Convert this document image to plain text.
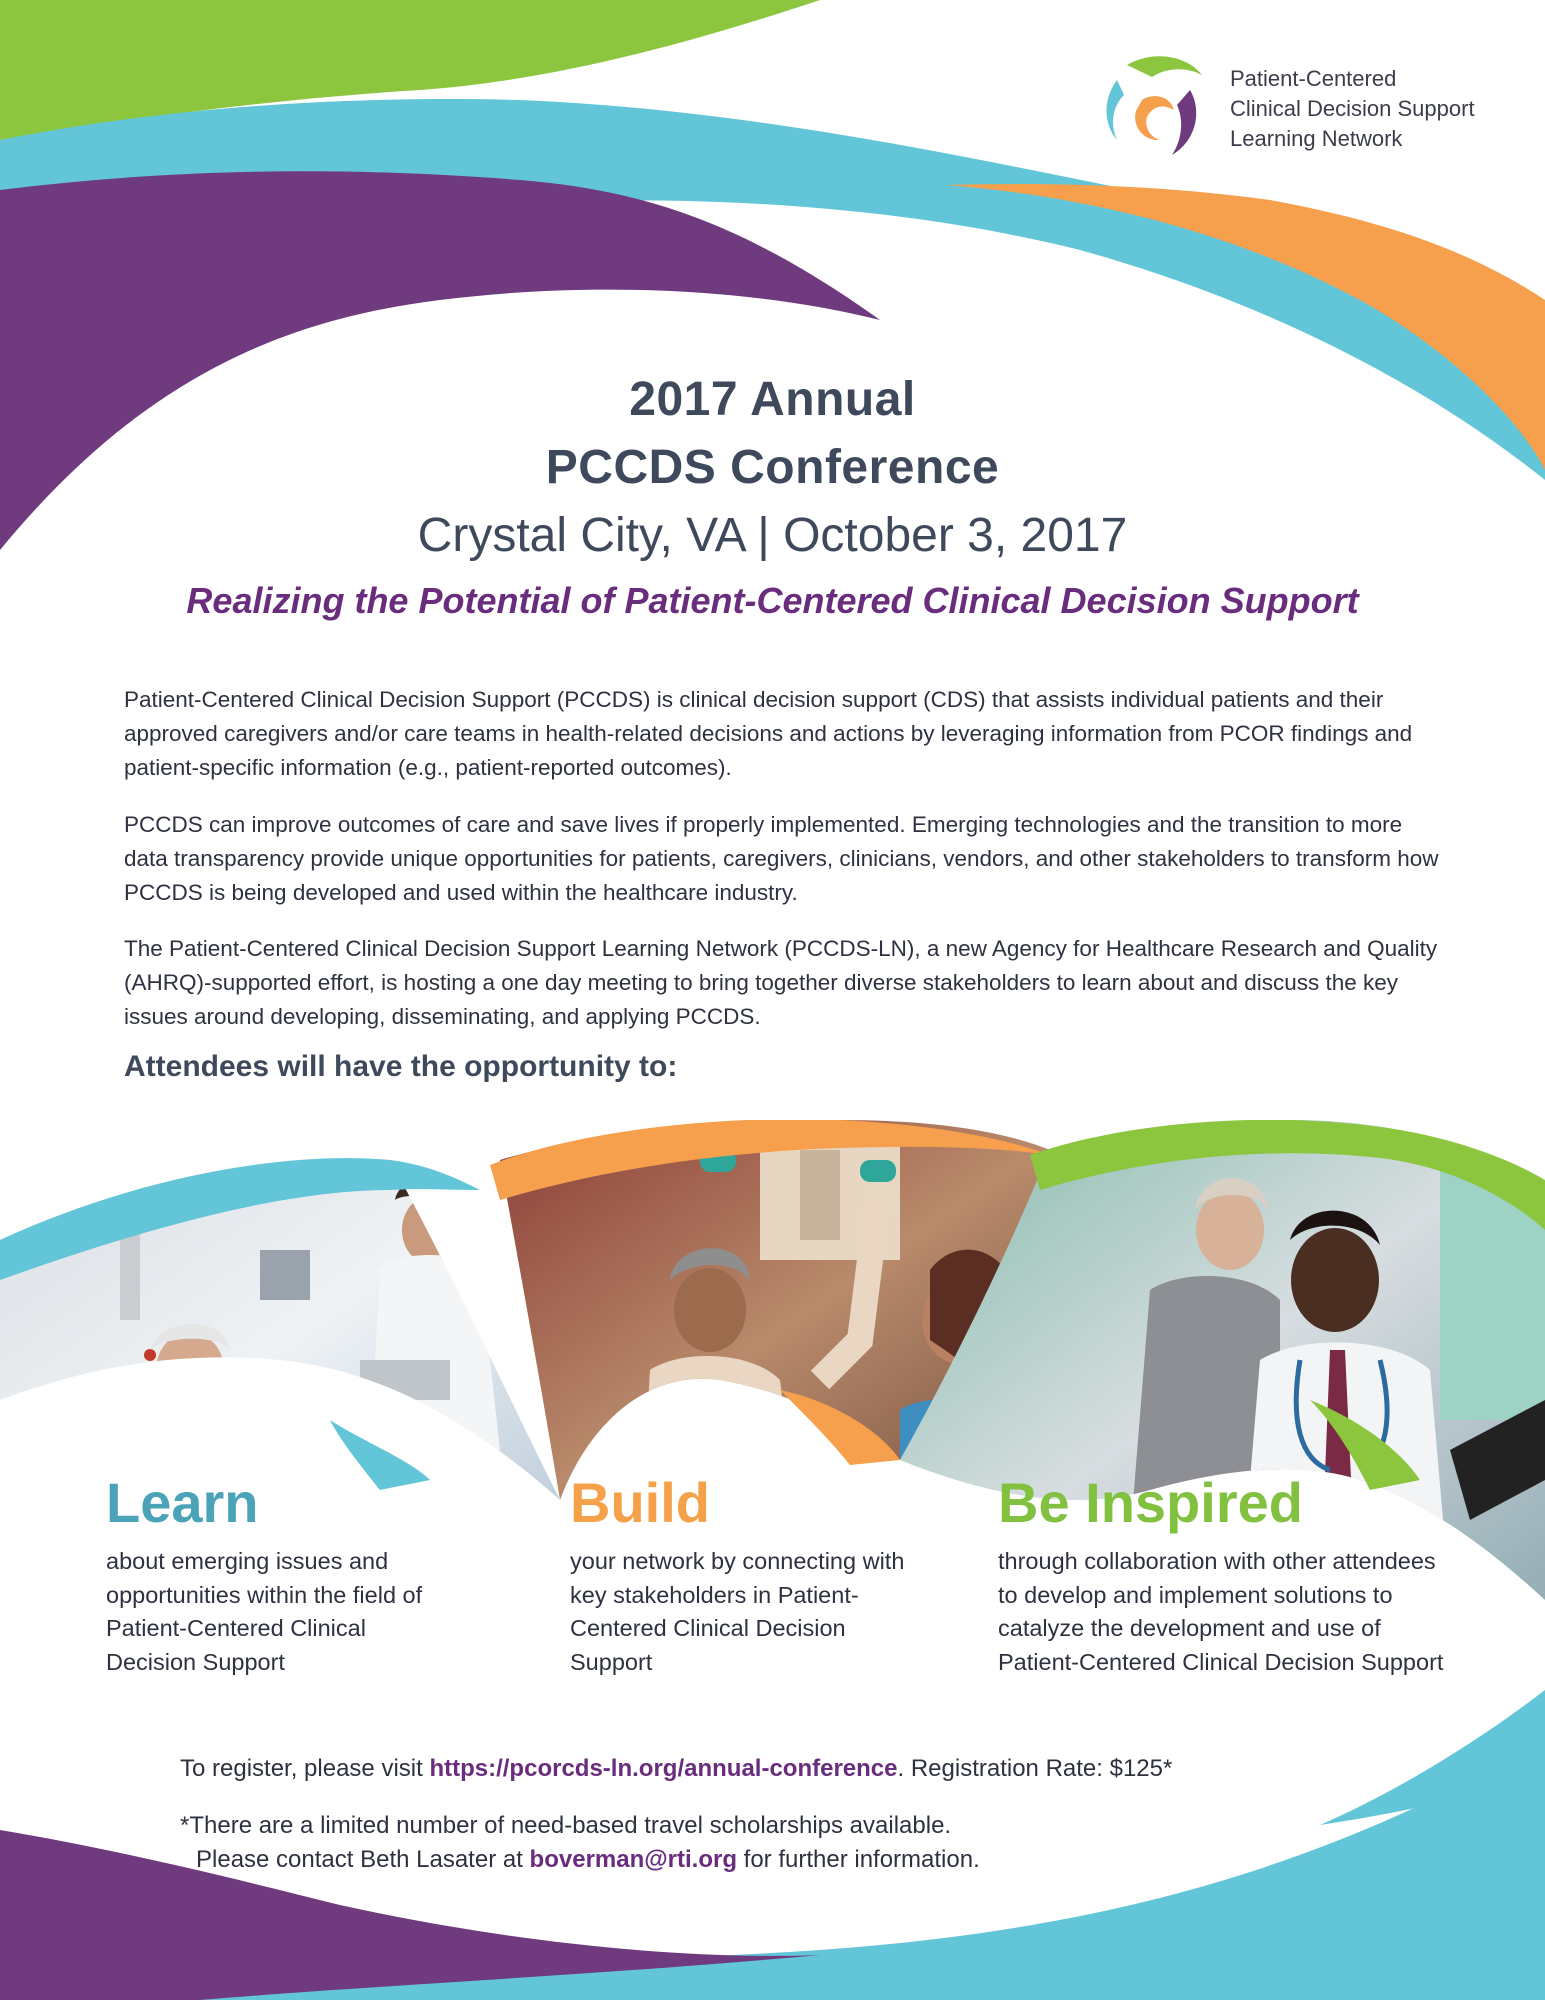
Patient-Centered
Clinical Decision Support
Learning Network
2017 Annual
PCCDS Conference
Crystal City, VA | October 3, 2017
Realizing the Potential of Patient-Centered Clinical Decision Support
Patient-Centered Clinical Decision Support (PCCDS) is clinical decision support (CDS) that assists individual patients and their approved caregivers and/or care teams in health-related decisions and actions by leveraging information from PCOR findings and patient-specific information (e.g., patient-reported outcomes).
PCCDS can improve outcomes of care and save lives if properly implemented. Emerging technologies and the transition to more data transparency provide unique opportunities for patients, caregivers, clinicians, vendors, and other stakeholders to transform how PCCDS is being developed and used within the healthcare industry.
The Patient-Centered Clinical Decision Support Learning Network (PCCDS-LN), a new Agency for Healthcare Research and Quality (AHRQ)-supported effort, is hosting a one day meeting to bring together diverse stakeholders to learn about and discuss the key issues around developing, disseminating, and applying PCCDS.
Attendees will have the opportunity to:
Learn
about emerging issues and opportunities within the field of Patient-Centered Clinical Decision Support
Build
your network by connecting with key stakeholders in Patient-Centered Clinical Decision Support
Be Inspired
through collaboration with other attendees to develop and implement solutions to catalyze the development and use of Patient-Centered Clinical Decision Support
To register, please visit https://pcorcds-ln.org/annual-conference. Registration Rate: $125*
*There are a limited number of need-based travel scholarships available.
Please contact Beth Lasater at boverman@rti.org for further information.
